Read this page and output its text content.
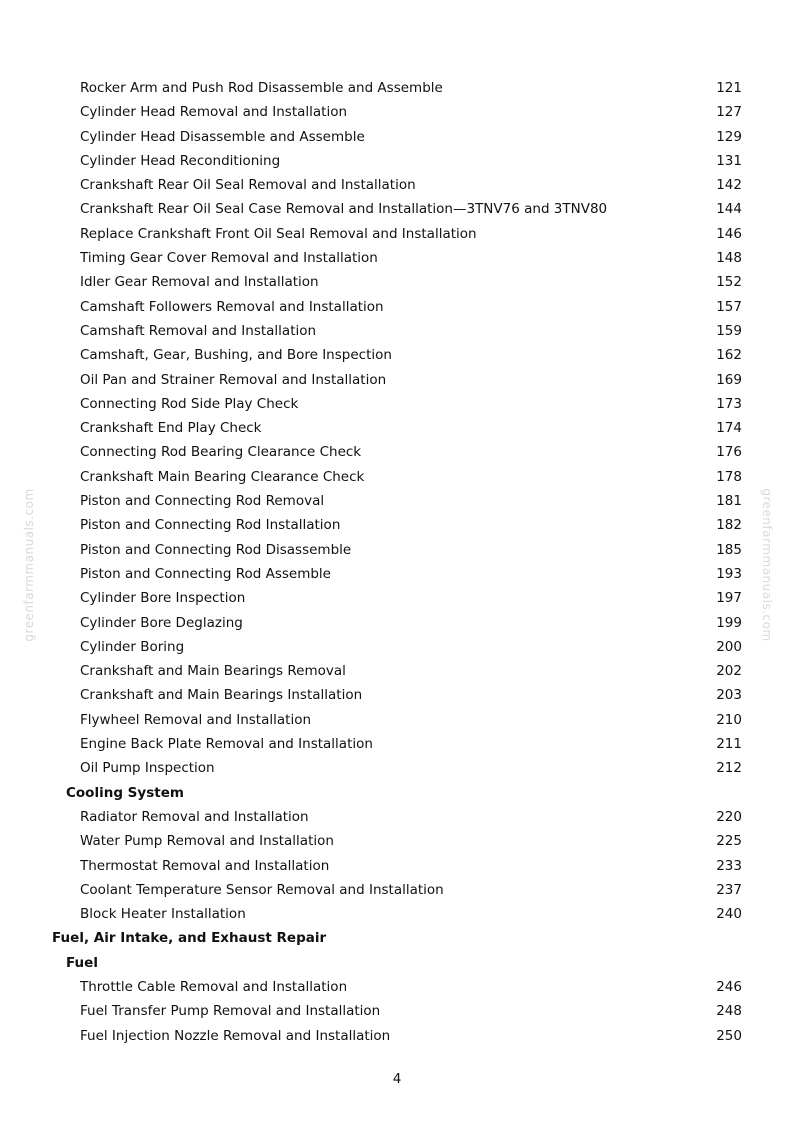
greenfarmmanuals.com	greenfarmmanuals.com
Rocker Arm and Push Rod Disassemble and Assemble	121
Cylinder Head Removal and Installation	127
Cylinder Head Disassemble and Assemble	129
Cylinder Head Reconditioning	131
Crankshaft Rear Oil Seal Removal and Installation	142
Crankshaft Rear Oil Seal Case Removal and Installation—3TNV76 and 3TNV80	144
Replace Crankshaft Front Oil Seal Removal and Installation	146
Timing Gear Cover Removal and Installation	148
Idler Gear Removal and Installation	152
Camshaft Followers Removal and Installation	157
Camshaft Removal and Installation	159
Camshaft, Gear, Bushing, and Bore Inspection	162
Oil Pan and Strainer Removal and Installation	169
Connecting Rod Side Play Check	173
Crankshaft End Play Check	174
Connecting Rod Bearing Clearance Check	176
Crankshaft Main Bearing Clearance Check	178
Piston and Connecting Rod Removal	181
Piston and Connecting Rod Installation	182
Piston and Connecting Rod Disassemble	185
Piston and Connecting Rod Assemble	193
Cylinder Bore Inspection	197
Cylinder Bore Deglazing	199
Cylinder Boring	200
Crankshaft and Main Bearings Removal	202
Crankshaft and Main Bearings Installation	203
Flywheel Removal and Installation	210
Engine Back Plate Removal and Installation	211
Oil Pump Inspection	212
Cooling System
Radiator Removal and Installation	220
Water Pump Removal and Installation	225
Thermostat Removal and Installation	233
Coolant Temperature Sensor Removal and Installation	237
Block Heater Installation	240
Fuel, Air Intake, and Exhaust Repair
Fuel
Throttle Cable Removal and Installation	246
Fuel Transfer Pump Removal and Installation	248
Fuel Injection Nozzle Removal and Installation	250
4
